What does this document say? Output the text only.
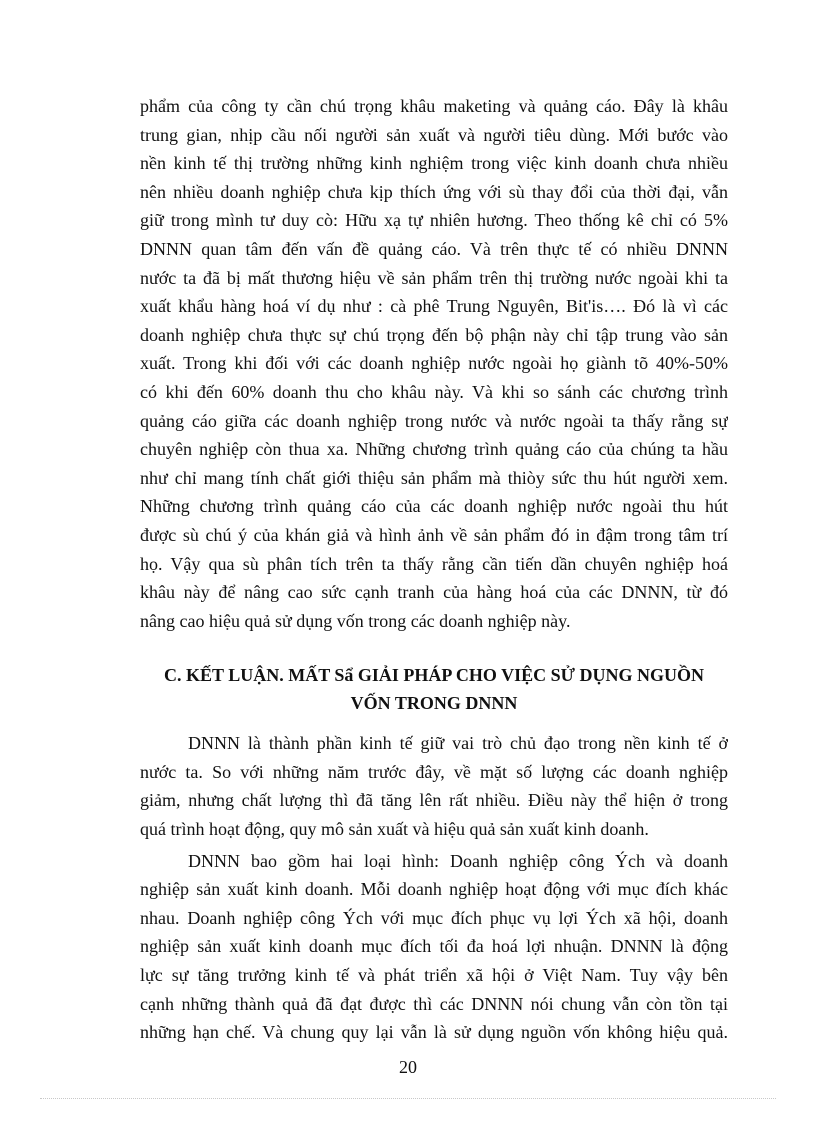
phẩm của công ty cần chú trọng khâu maketing và quảng cáo. Đây là khâu
trung gian, nhịp cầu nối người sản xuất và người tiêu dùng. Mới bước vào
nền kinh tế thị trường những kinh nghiệm trong việc kinh doanh chưa nhiều
nên nhiều doanh nghiệp chưa kịp thích ứng với sù thay đổi của thời đại, vẫn
giữ trong mình tư duy cò: Hữu xạ tự nhiên hương. Theo thống kê chỉ có 5%
DNNN quan tâm đến vấn đề quảng cáo. Và trên thực tế có nhiều DNNN
nước ta đã bị mất thương hiệu về sản phẩm trên thị trường nước ngoài khi ta
xuất khẩu hàng hoá ví dụ như : cà phê Trung Nguyên, Bit'is…. Đó là vì các
doanh nghiệp chưa thực sự chú trọng đến bộ phận này chỉ tập trung vào sản
xuất. Trong khi đối với các doanh nghiệp nước ngoài họ giành tõ 40%-50%
có khi đến 60% doanh thu cho khâu này. Và khi so sánh các chương trình
quảng cáo giữa các doanh nghiệp trong nước và nước ngoài ta thấy rằng sự
chuyên nghiệp còn thua xa. Những chương trình quảng cáo của chúng ta hầu
như chỉ mang tính chất giới thiệu sản phẩm mà thiòy sức thu hút người xem.
Những chương trình quảng cáo của các doanh nghiệp nước ngoài thu hút
được sù chú ý của khán giả và hình ảnh về sản phẩm đó in đậm trong tâm trí
họ. Vậy qua sù phân tích trên ta thấy rằng cần tiến dần chuyên nghiệp hoá
khâu này để nâng cao sức cạnh tranh của hàng hoá của các DNNN, từ đó
nâng cao hiệu quả sử dụng vốn trong các doanh nghiệp này.
C. KẾT LUẬN. MẤT Sẩ GIẢI PHÁP CHO VIỆC SỬ DỤNG NGUỒN
VỐN TRONG DNNN
DNNN là thành phần kinh tế giữ vai trò chủ đạo trong nền kinh tế ở
nước ta. So với những năm trước đây, về mặt số lượng các doanh nghiệp
giảm, nhưng chất lượng thì đã tăng lên rất nhiều. Điều này thể hiện ở trong
quá trình hoạt động, quy mô sản xuất và hiệu quả sản xuất kinh doanh.
DNNN bao gồm hai loại hình: Doanh nghiệp công Ých và doanh
nghiệp sản xuất kinh doanh. Mỗi doanh nghiệp hoạt động với mục đích khác
nhau. Doanh nghiệp công Ých với mục đích phục vụ lợi Ých xã hội, doanh
nghiệp sản xuất kinh doanh mục đích tối đa hoá lợi nhuận. DNNN là động
lực sự tăng trưởng kinh tế và phát triển xã hội ở Việt Nam. Tuy vậy bên
cạnh những thành quả đã đạt được thì các DNNN nói chung vẫn còn tồn tại
những hạn chế. Và chung quy lại vẫn là sử dụng nguồn vốn không hiệu quả.
20
